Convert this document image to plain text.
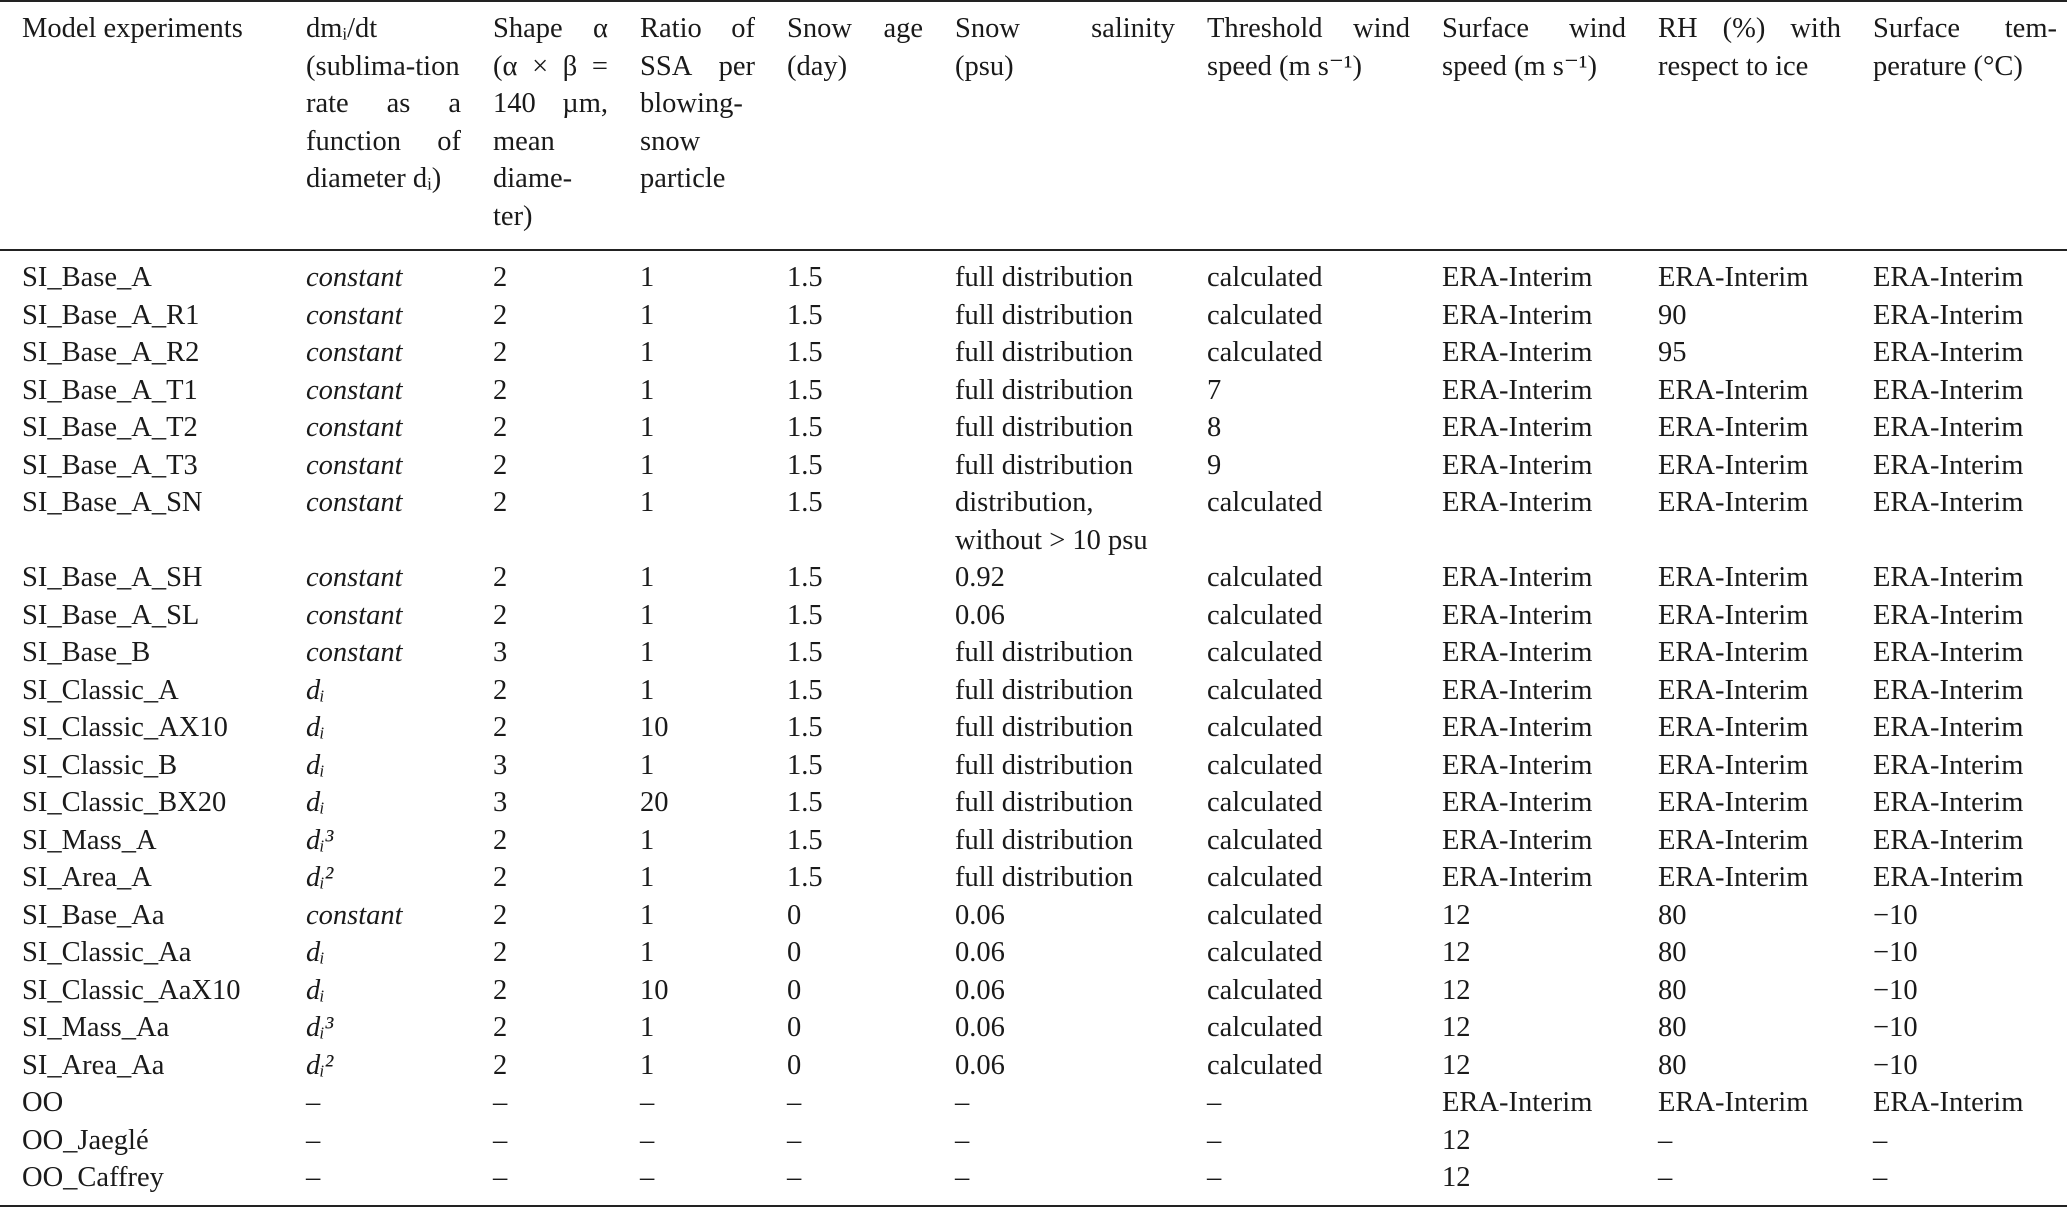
Model experiments	dmᵢ/dt (sublima-tion rate as a function of diameter dᵢ)	Shape α (α × β = 140 µm, mean diame-ter)	Ratio of SSA per blowing-snow particle	Snow age (day)	Snow salinity (psu)	Threshold wind speed (m s⁻¹)	Surface wind speed (m s⁻¹)	RH (%) with respect to ice	Surface tem-perature (°C)
SI_Base_A	constant	2	1	1.5	full distribution	calculated	ERA-Interim	ERA-Interim	ERA-Interim
SI_Base_A_R1	constant	2	1	1.5	full distribution	calculated	ERA-Interim	90	ERA-Interim
SI_Base_A_R2	constant	2	1	1.5	full distribution	calculated	ERA-Interim	95	ERA-Interim
SI_Base_A_T1	constant	2	1	1.5	full distribution	7	ERA-Interim	ERA-Interim	ERA-Interim
SI_Base_A_T2	constant	2	1	1.5	full distribution	8	ERA-Interim	ERA-Interim	ERA-Interim
SI_Base_A_T3	constant	2	1	1.5	full distribution	9	ERA-Interim	ERA-Interim	ERA-Interim
SI_Base_A_SN	constant	2	1	1.5	distribution, without > 10 psu	calculated	ERA-Interim	ERA-Interim	ERA-Interim
SI_Base_A_SH	constant	2	1	1.5	0.92	calculated	ERA-Interim	ERA-Interim	ERA-Interim
SI_Base_A_SL	constant	2	1	1.5	0.06	calculated	ERA-Interim	ERA-Interim	ERA-Interim
SI_Base_B	constant	3	1	1.5	full distribution	calculated	ERA-Interim	ERA-Interim	ERA-Interim
SI_Classic_A	dᵢ	2	1	1.5	full distribution	calculated	ERA-Interim	ERA-Interim	ERA-Interim
SI_Classic_AX10	dᵢ	2	10	1.5	full distribution	calculated	ERA-Interim	ERA-Interim	ERA-Interim
SI_Classic_B	dᵢ	3	1	1.5	full distribution	calculated	ERA-Interim	ERA-Interim	ERA-Interim
SI_Classic_BX20	dᵢ	3	20	1.5	full distribution	calculated	ERA-Interim	ERA-Interim	ERA-Interim
SI_Mass_A	dᵢ³	2	1	1.5	full distribution	calculated	ERA-Interim	ERA-Interim	ERA-Interim
SI_Area_A	dᵢ²	2	1	1.5	full distribution	calculated	ERA-Interim	ERA-Interim	ERA-Interim
SI_Base_Aa	constant	2	1	0	0.06	calculated	12	80	−10
SI_Classic_Aa	dᵢ	2	1	0	0.06	calculated	12	80	−10
SI_Classic_AaX10	dᵢ	2	10	0	0.06	calculated	12	80	−10
SI_Mass_Aa	dᵢ³	2	1	0	0.06	calculated	12	80	−10
SI_Area_Aa	dᵢ²	2	1	0	0.06	calculated	12	80	−10
OO	–	–	–	–	–	–	ERA-Interim	ERA-Interim	ERA-Interim
OO_Jaeglé	–	–	–	–	–	–	12	–	–
OO_Caffrey	–	–	–	–	–	–	12	–	–
